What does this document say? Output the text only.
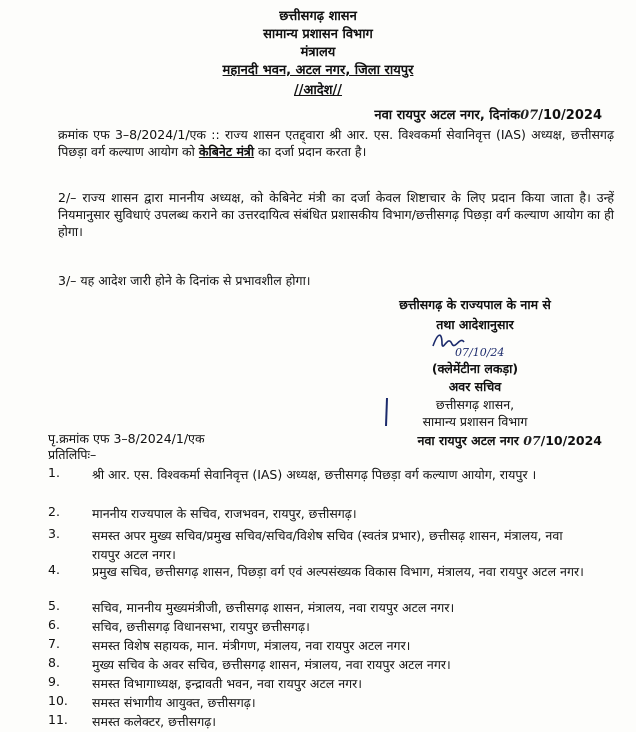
छत्तीसगढ़ शासन
सामान्य प्रशासन विभाग
मंत्रालय
महानदी भवन, अटल नगर, जिला रायपुर
//आदेश//
नवा रायपुर अटल नगर, दिनांक07/10/2024
क्रमांक एफ 3–8/2024/1/एक :: राज्य शासन एतद्द्वारा श्री आर. एस. विश्वकर्मा सेवानिवृत्त (IAS) अध्यक्ष, छत्तीसगढ़ पिछड़ा वर्ग कल्याण आयोग को केबिनेट मंत्री का दर्जा प्रदान करता है।
2/– राज्य शासन द्वारा माननीय अध्यक्ष, को केबिनेट मंत्री का दर्जा केवल शिष्टाचार के लिए प्रदान किया जाता है। उन्हें नियमानुसार सुविधाएं उपलब्ध कराने का उत्तरदायित्व संबंधित प्रशासकीय विभाग/छत्तीसगढ़ पिछड़ा वर्ग कल्याण आयोग का ही होगा।
3/– यह आदेश जारी होने के दिनांक से प्रभावशील होगा।
छत्तीसगढ़ के राज्यपाल के नाम से
तथा आदेशानुसार
07/10/24
(क्लेमेंटीना लकड़ा)
अवर सचिव
छत्तीसगढ़ शासन,
सामान्य प्रशासन विभाग
पृ.क्रमांक एफ 3–8/2024/1/एक	नवा रायपुर अटल नगर 07/10/2024
प्रतिलिपिः–
1.	श्री आर. एस. विश्वकर्मा सेवानिवृत्त (IAS) अध्यक्ष, छत्तीसगढ़ पिछड़ा वर्ग कल्याण आयोग, रायपुर ।
2.	माननीय राज्यपाल के सचिव, राजभवन, रायपुर, छत्तीसगढ़।
3.	समस्त अपर मुख्य सचिव/प्रमुख सचिव/सचिव/विशेष सचिव (स्वतंत्र प्रभार), छत्तीसढ़ शासन, मंत्रालय, नवा रायपुर अटल नगर।
4.	प्रमुख सचिव, छत्तीसगढ़ शासन, पिछड़ा वर्ग एवं अल्पसंख्यक विकास विभाग, मंत्रालय, नवा रायपुर अटल नगर।
5.	सचिव, माननीय मुख्यमंत्रीजी, छत्तीसगढ़ शासन, मंत्रालय, नवा रायपुर अटल नगर।
6.	सचिव, छत्तीसगढ़ विधानसभा, रायपुर छत्तीसगढ़।
7.	समस्त विशेष सहायक, मान. मंत्रीगण, मंत्रालय, नवा रायपुर अटल नगर।
8.	मुख्य सचिव के अवर सचिव, छत्तीसगढ़ शासन, मंत्रालय, नवा रायपुर अटल नगर।
9.	समस्त विभागाध्यक्ष, इन्द्रावती भवन, नवा रायपुर अटल नगर।
10. समस्त संभागीय आयुक्त, छत्तीसगढ़।
11. समस्त कलेक्टर, छत्तीसगढ़।
